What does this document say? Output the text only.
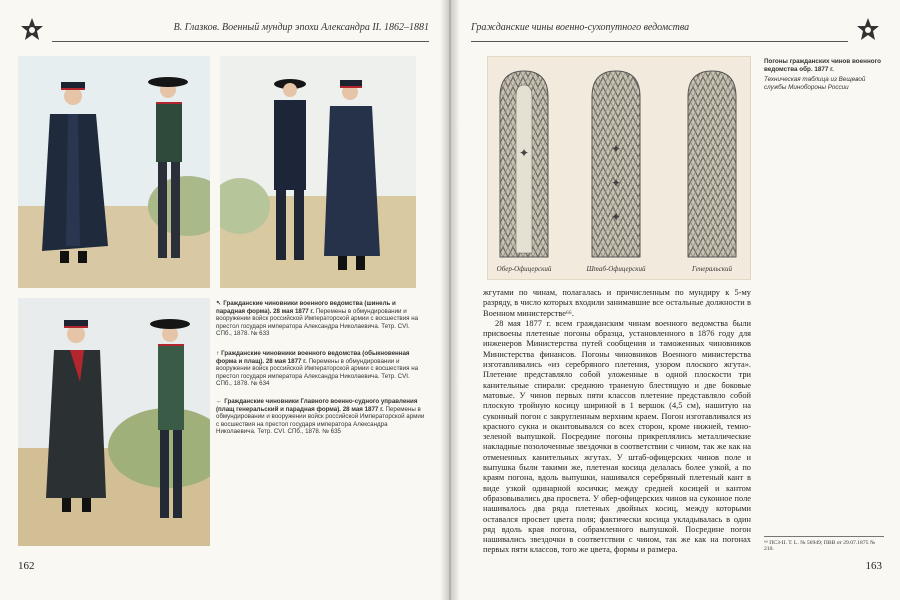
В. Глазков. Военный мундир эпохи Александра II. 1862–1881
↖ Гражданские чиновники военного ведомства (шинель и парадная форма). 28 мая 1877 г. Перемены в обмундировании и вооружении войск российской Императорской армии с восшествия на престол государя императора Александра Николаевича. Тетр. CVI. СПб., 1878. № 633
↑ Гражданские чиновники военного ведомства (обыкновенная форма и плащ). 28 мая 1877 г. Перемены в обмундировании и вооружении войск российской Императорской армии с восшествия на престол государя императора Александра Николаевича. Тетр. CVI. СПб., 1878. № 634
← Гражданские чиновники Главного военно-судного управления (плащ генеральский и парадная форма). 28 мая 1877 г. Перемены в обмундировании и вооружении войск российской Императорской армии с восшествия на престол государя императора Александра Николаевича. Тетр. CVI. СПб., 1878. № 635
162
Гражданские чины военно-сухопутного ведомства
✦	✦
✦
✦
Обер-Офицерский	Штаб-Офицерский	Генеральский
Погоны гражданских чинов военного ведомства обр. 1877 г.
Техническая таблица из Вещевой службы Минобороны России

жгутами по чинам, полагалась и причисленным по мундиру к 5-му разряду, в число которых входили занимавшие все остальные должности в Военном министерстве⁶⁶.

28 мая 1877 г. всем гражданским чинам военного ведомства были присвоены плетеные погоны образца, установленного в 1876 году для инженеров Министерства путей сообщения и таможенных чиновников Министерства финансов. Погоны чиновников Военного министерства изготавливались «из серебряного плетения, узором плоского жгута». Плетение представляло собой уложенные в одной плоскости три канительные спирали: среднюю траненую блестящую и две боковые матовые. У чинов первых пяти классов плетение представляло собой плоскую тройную косицу шириной в 1 вершок (4,5 см), нашитую на суконный погон с закругленным верхним краем. Погон изготавливался из красного сукна и окантовывался со всех сторон, кроме нижней, темно-зеленой выпушкой. Посредине погоны прикреплялись металлические накладные позолоченные звездочки в соответствии с чином, так же как на отмененных канительных жгутах. У штаб-офицерских чинов поле и выпушка были такими же, плетеная косица делалась более узкой, а по краям погона, вдоль выпушки, нашивался серебряный плетеный кант в виде узкой одинарной косички; между средней косицей и кантом образовывались два просвета. У обер-офицерских чинов на суконное поле нашивалось два ряда плетеных двойных косиц, между которыми оставался просвет цвета поля; фактически косица укладывалась в один ряд вдоль края погона, обрамленного выпушкой. Посредине погон нашивались звездочки в соответствии с чином, так же как на погонах первых пяти классов, того же цвета, формы и размера.

⁶⁶ ПСЗ-II. Т. L. № 56949; ПВВ от 29.07.1875 № 210.
163
